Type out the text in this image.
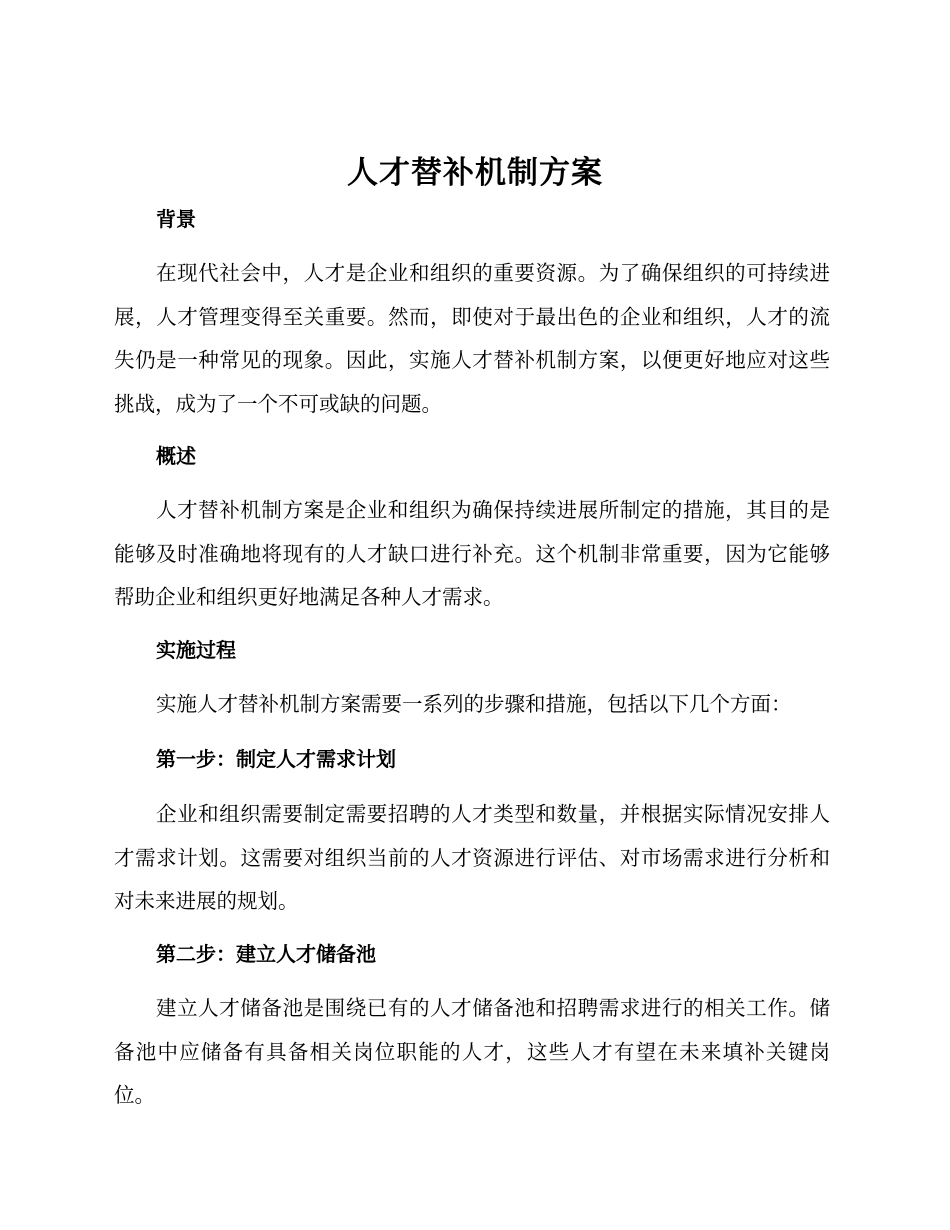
人才替补机制方案
背景
在现代社会中，人才是企业和组织的重要资源。为了确保组织的可持续进展，人才管理变得至关重要。然而，即使对于最出色的企业和组织，人才的流失仍是一种常见的现象。因此，实施人才替补机制方案，以便更好地应对这些挑战，成为了一个不可或缺的问题。
概述
人才替补机制方案是企业和组织为确保持续进展所制定的措施，其目的是能够及时准确地将现有的人才缺口进行补充。这个机制非常重要，因为它能够帮助企业和组织更好地满足各种人才需求。
实施过程
实施人才替补机制方案需要一系列的步骤和措施，包括以下几个方面：
第一步：制定人才需求计划
企业和组织需要制定需要招聘的人才类型和数量，并根据实际情况安排人才需求计划。这需要对组织当前的人才资源进行评估、对市场需求进行分析和对未来进展的规划。
第二步：建立人才储备池
建立人才储备池是围绕已有的人才储备池和招聘需求进行的相关工作。储备池中应储备有具备相关岗位职能的人才，这些人才有望在未来填补关键岗位。
